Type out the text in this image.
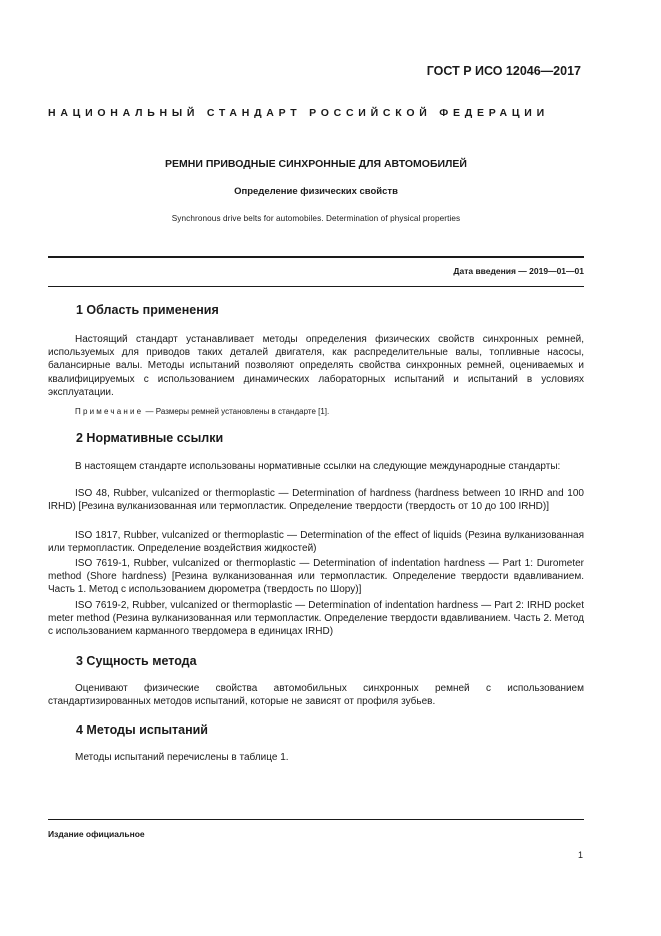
ГОСТ Р ИСО 12046—2017
НАЦИОНАЛЬНЫЙ СТАНДАРТ РОССИЙСКОЙ ФЕДЕРАЦИИ
РЕМНИ ПРИВОДНЫЕ СИНХРОННЫЕ ДЛЯ АВТОМОБИЛЕЙ
Определение физических свойств
Synchronous drive belts for automobiles. Determination of physical properties
Дата введения — 2019—01—01
1 Область применения
Настоящий стандарт устанавливает методы определения физических свойств синхронных ремней, используемых для приводов таких деталей двигателя, как распределительные валы, топливные насосы, балансирные валы. Методы испытаний позволяют определять свойства синхронных ремней, оцениваемых и квалифицируемых с использованием динамических лабораторных испытаний и испытаний в условиях эксплуатации.
Примечание — Размеры ремней установлены в стандарте [1].
2 Нормативные ссылки
В настоящем стандарте использованы нормативные ссылки на следующие международные стандарты:
ISO 48, Rubber, vulcanized or thermoplastic — Determination of hardness (hardness between 10 IRHD and 100 IRHD) [Резина вулканизованная или термопластик. Определение твердости (твердость от 10 до 100 IRHD)]
ISO 1817, Rubber, vulcanized or thermoplastic — Determination of the effect of liquids (Резина вулканизованная или термопластик. Определение воздействия жидкостей)
ISO 7619-1, Rubber, vulcanized or thermoplastic — Determination of indentation hardness — Part 1: Durometer method (Shore hardness) [Резина вулканизованная или термопластик. Определение твердости вдавливанием. Часть 1. Метод с использованием дюрометра (твердость по Шору)]
ISO 7619-2, Rubber, vulcanized or thermoplastic — Determination of indentation hardness — Part 2: IRHD pocket meter method (Резина вулканизованная или термопластик. Определение твердости вдавливанием. Часть 2. Метод с использованием карманного твердомера в единицах IRHD)
3 Сущность метода
Оценивают физические свойства автомобильных синхронных ремней с использованием стандартизированных методов испытаний, которые не зависят от профиля зубьев.
4 Методы испытаний
Методы испытаний перечислены в таблице 1.
Издание официальное
1
